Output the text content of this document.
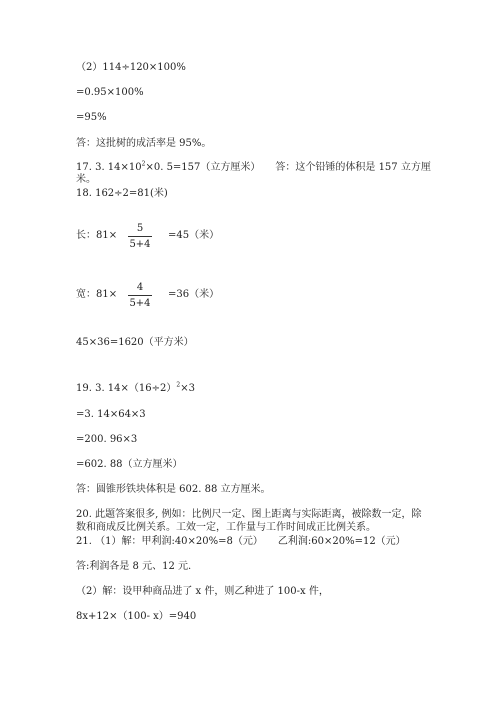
（2）114÷120×100%
=0.95×100%
=95%
答：这批树的成活率是 95%。
17. 3. $14\times 10^2\times 0$. 5=157（立方厘米）　　答：这个铅锤的体积是 157 立方厘
米。
18. 162÷2=81(米)
长：81×
5
5+4
=45（米）
宽：81×
4
5+4
=36（米）
45×36=1620（平方米）
19. 3. $14\times(16\div 2)^2\times 3$
=3. 14×64×3
=200. 96×3
=602. 88（立方厘米）
答：圆锥形铁块体积是 602. 88 立方厘米。
20. 此题答案很多, 例如：比例尺一定、图上距离与实际距离，被除数一定，除
数和商成反比例关系。工效一定，工作量与工作时间成正比例关系。
21. （1）解：甲利润:40×20%=8（元）　　乙利润:60×20%=12（元）
答:利润各是 8 元、12 元.
（2）解：设甲种商品进了 x 件，则乙种进了 100-x 件，
8x+12×（100- x）=940
